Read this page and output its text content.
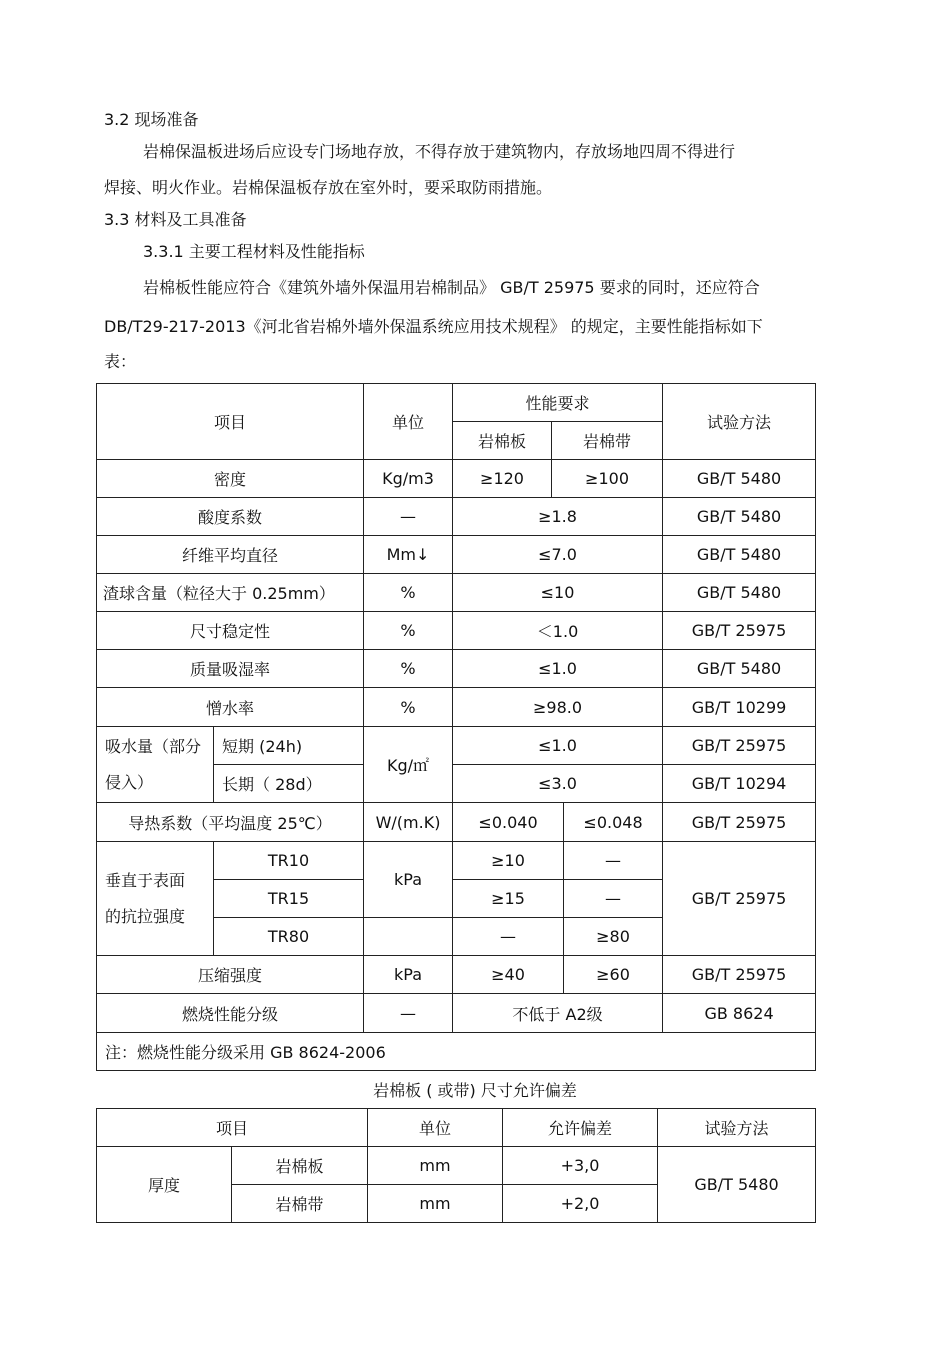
3.2 现场准备
岩棉保温板进场后应设专门场地存放，不得存放于建筑物内，存放场地四周不得进行
焊接、明火作业。岩棉保温板存放在室外时，要采取防雨措施。
3.3 材料及工具准备
3.3.1 主要工程材料及性能指标
岩棉板性能应符合《建筑外墙外保温用岩棉制品》 GB/T 25975 要求的同时，还应符合
DB/T29-217-2013《河北省岩棉外墙外保温系统应用技术规程》 的规定，主要性能指标如下
表：
项目		单位	性能要求			试验方法
			岩棉板	岩棉带		
密度		Kg/m3	≥120	≥100		GB/T 5480
酸度系数		—	≥1.8			GB/T 5480
纤维平均直径		Mm↓	≤7.0			GB/T 5480
渣球含量（粒径大于 0.25mm）		%	≤10			GB/T 5480
尺寸稳定性		%	＜1.0			GB/T 25975
质量吸湿率		%	≤1.0			GB/T 5480
憎水率		%	≥98.0			GB/T 10299
吸水量（部分
侵入）	短期 (24h)	Kg/㎡	≤1.0			GB/T 25975
	长期（ 28d）		≤3.0			GB/T 10294
导热系数（平均温度 25℃）		W/(m.K)	≤0.040		≤0.048	GB/T 25975
垂直于表面
的抗拉强度	TR10	kPa	≥10		—	GB/T 25975
	TR15		≥15		—	
	TR80		—		≥80	
压缩强度		kPa	≥40		≥60	GB/T 25975
燃烧性能分级		—	不低于 A2级			GB 8624
注：燃烧性能分级采用 GB 8624-2006						
岩棉板 ( 或带) 尺寸允许偏差
项目		单位	允许偏差	试验方法
厚度	岩棉板	mm	+3,0	GB/T 5480
	岩棉带	mm	+2,0	
